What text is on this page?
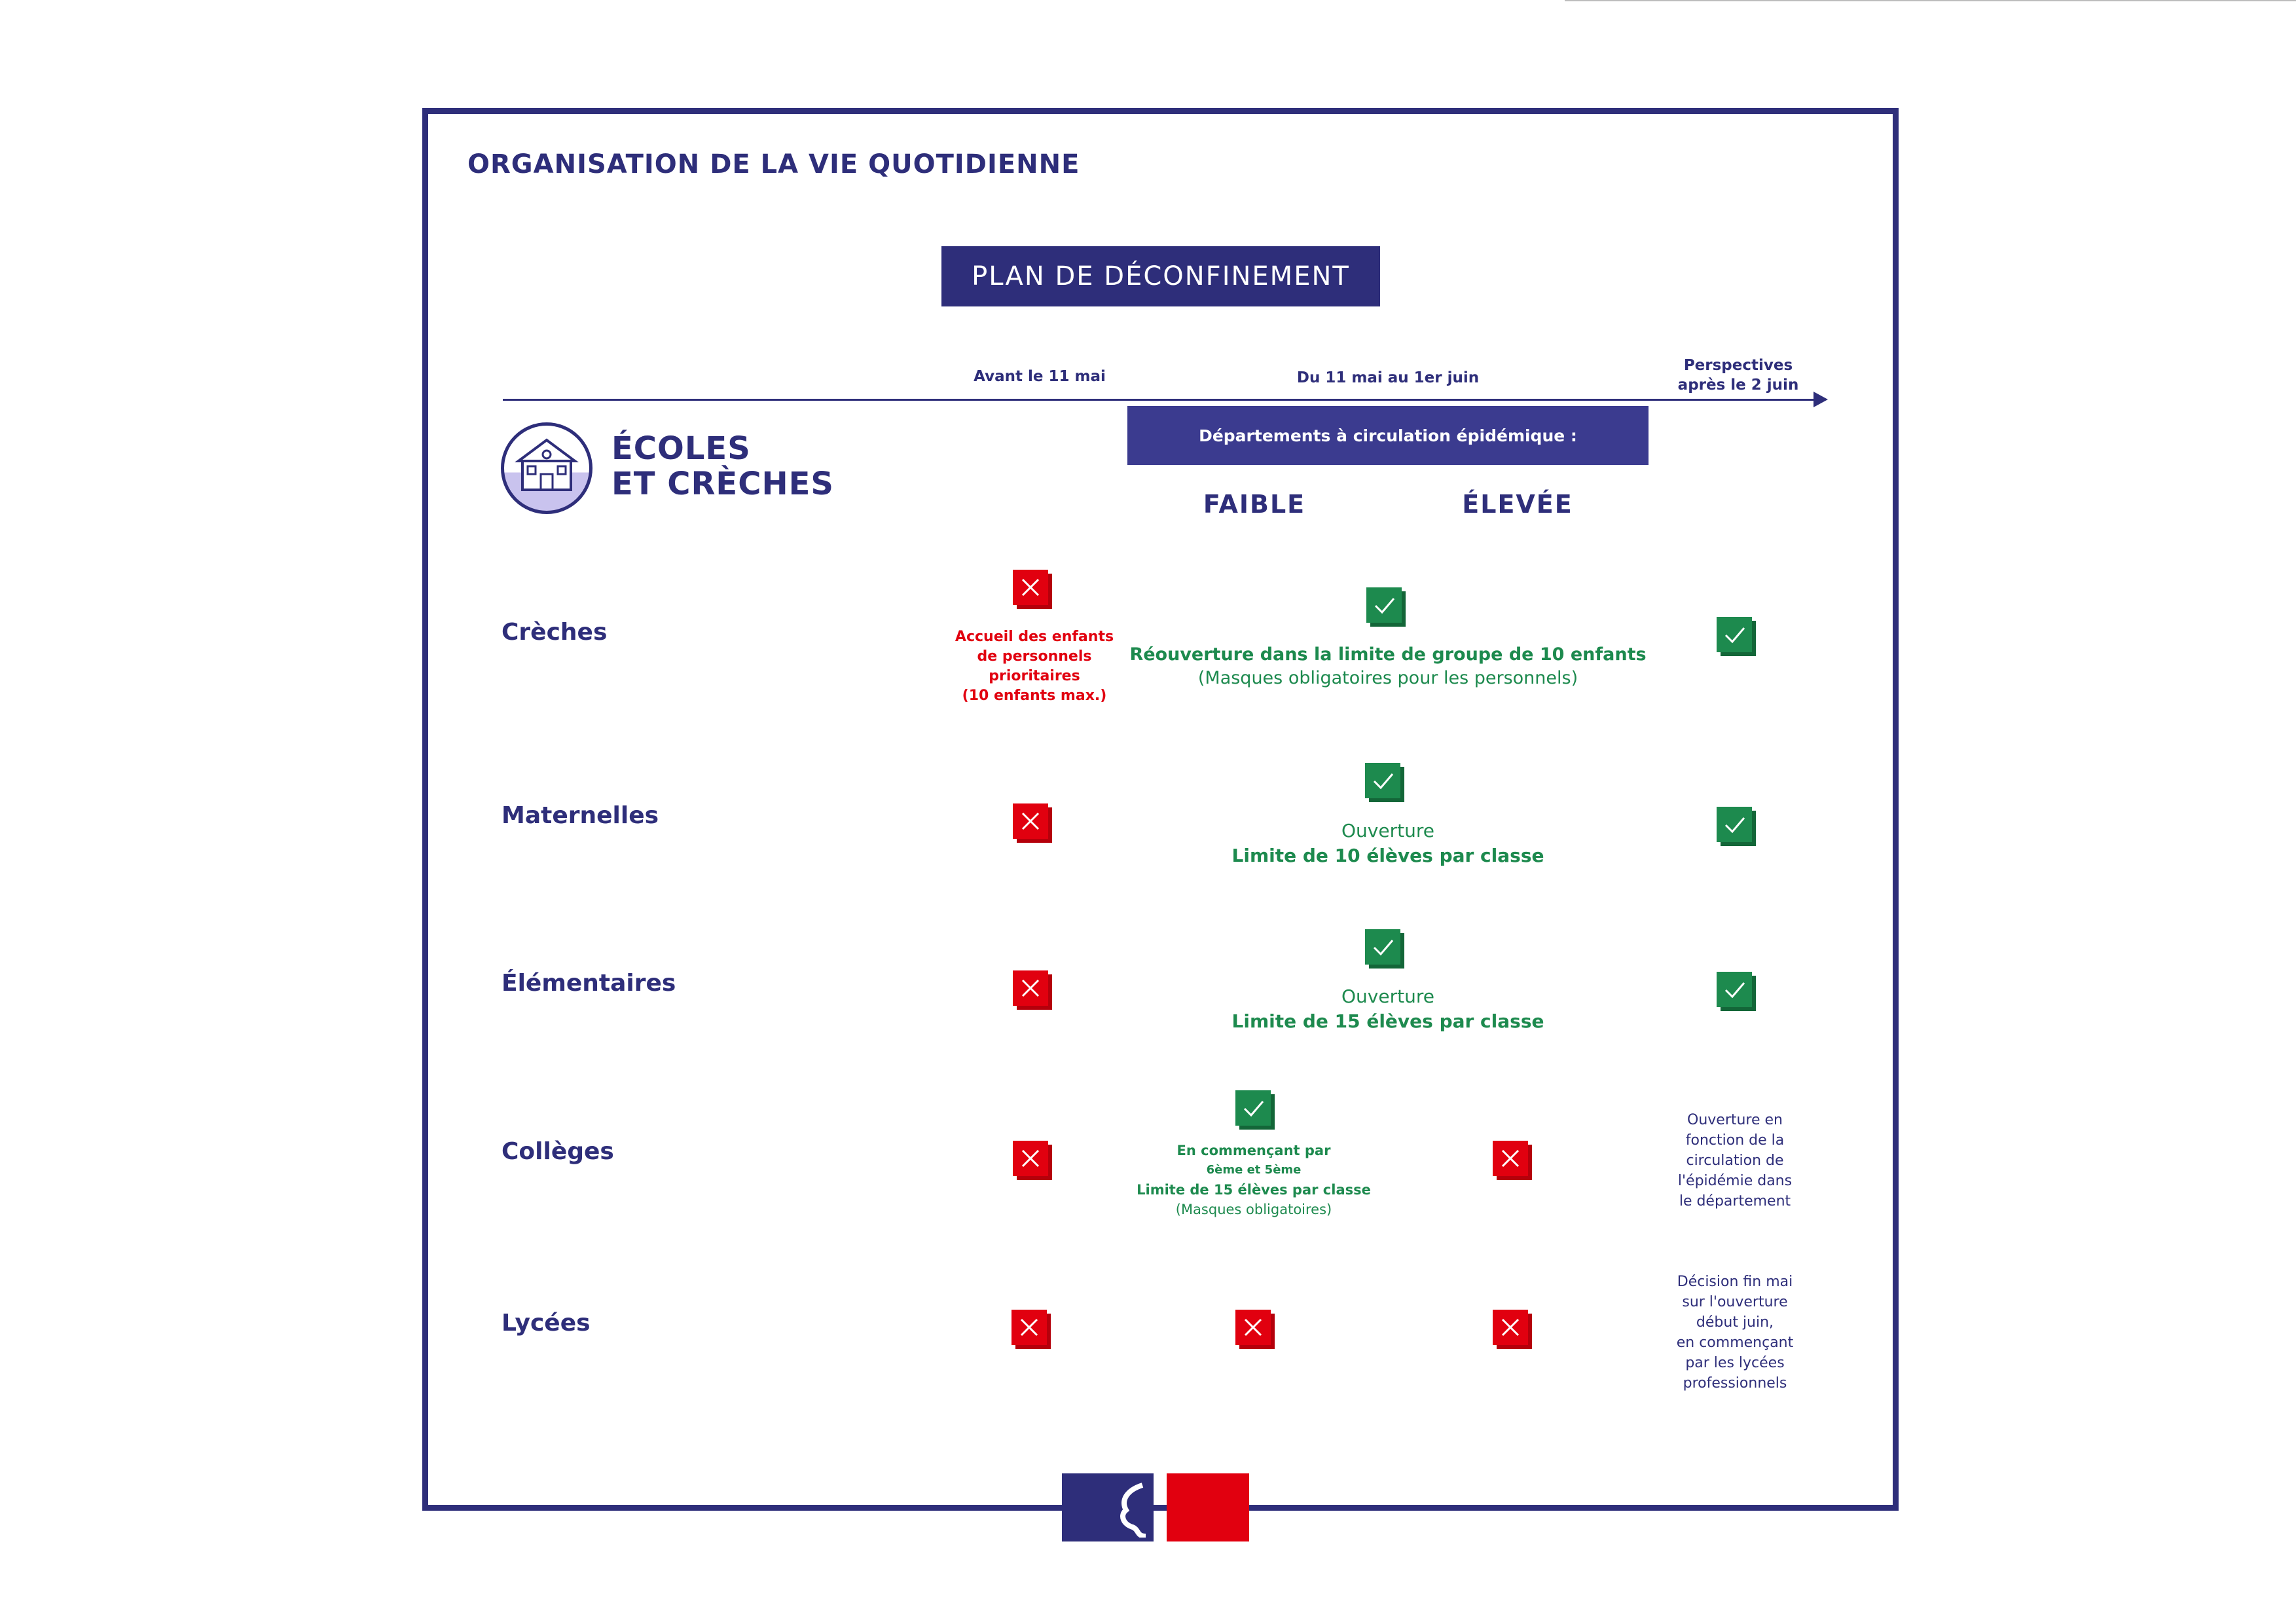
ORGANISATION DE LA VIE QUOTIDIENNE
PLAN DE DÉCONFINEMENT
Avant le 11 mai	Du 11 mai au 1er juin
Perspectives
après le 2 juin
Départements à circulation épidémique :
FAIBLE	ÉLEVÉE
ÉCOLES
ET CRÈCHES
Crèches
Maternelles
Élémentaires
Collèges
Lycées
Accueil des enfants
de personnels
prioritaires
(10 enfants max.)
Réouverture dans la limite de groupe de 10 enfants
(Masques obligatoires pour les personnels)
Ouverture
Limite de 10 élèves par classe
Ouverture
Limite de 15 élèves par classe
En commençant par
6ème et 5ème
Limite de 15 élèves par classe
(Masques obligatoires)
Ouverture en
fonction de la
circulation de
l'épidémie dans
le département
Décision fin mai
sur l'ouverture
début juin,
en commençant
par les lycées
professionnels
